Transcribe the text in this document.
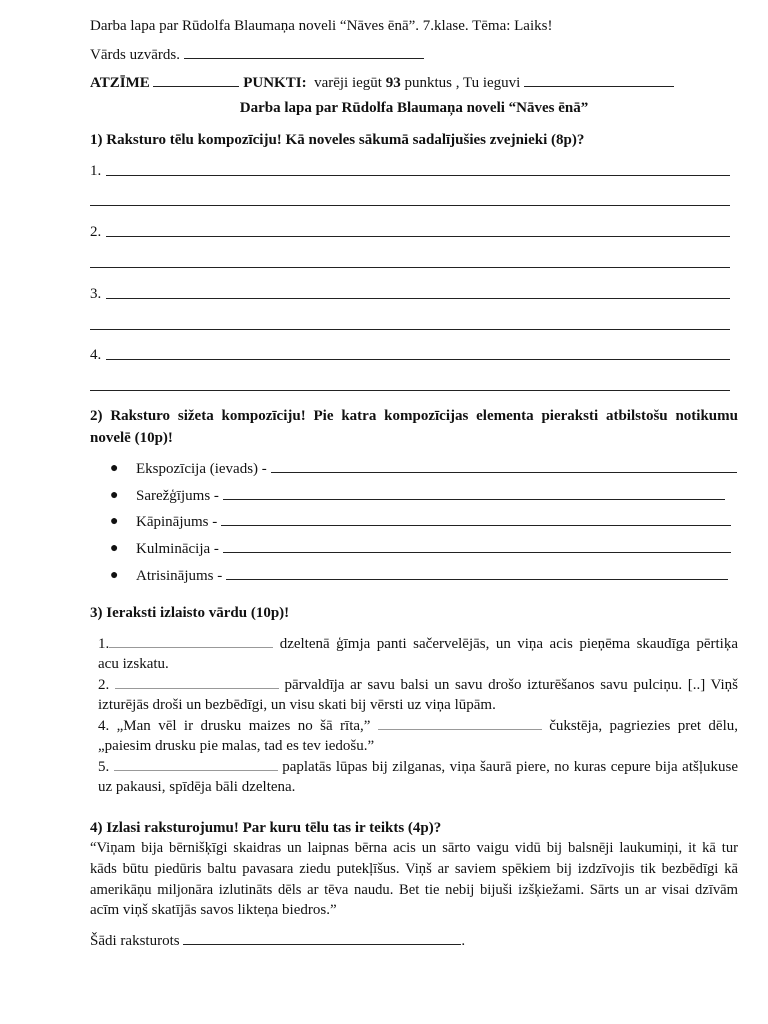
Darba lapa par Rūdolfa Blaumaņa noveli “Nāves ēnā”. 7.klase. Tēma: Laiks!
Vārds uzvārds.
ATZĪME	PUNKTI: varēji iegūt 93 punktus , Tu ieguvi
Darba lapa par Rūdolfa Blaumaņa noveli “Nāves ēnā”
1) Raksturo tēlu kompozīciju! Kā noveles sākumā sadalījušies zvejnieki (8p)?
1.
2.
3.
4.
2) Raksturo sižeta kompozīciju! Pie katra kompozīcijas elementa pieraksti atbilstošu notikumu
novelē (10p)!
● Ekspozīcija (ievads) -
● Sarežģījums -
● Kāpinājums -
● Kulminācija -
● Atrisinājums -
3) Ieraksti izlaisto vārdu (10p)!
1.	dzeltenā ģīmja panti sačervelējās, un viņa acis pieņēma skaudīga pērtiķa
acu izskatu.
2.	pārvaldīja ar savu balsi un savu drošo izturēšanos savu pulciņu. [..] Viņš
izturējās droši un bezbēdīgi, un visu skati bij vērsti uz viņa lūpām.
4. „Man vēl ir drusku maizes no šā rīta,”	čukstēja, pagriezies pret dēlu,
„paiesim drusku pie malas, tad es tev iedošu.”
5.	paplatās lūpas bij zilganas, viņa šaurā piere, no kuras cepure bija atšļukuse
uz pakausi, spīdēja bāli dzeltena.
4) Izlasi raksturojumu! Par kuru tēlu tas ir teikts (4p)?
“Viņam bija bērnišķīgi skaidras un laipnas bērna acis un sārto vaigu vidū bij balsnēji laukumiņi, it kā tur
kāds būtu piedūris baltu pavasara ziedu putekļīšus. Viņš ar saviem spēkiem bij izdzīvojis tik bezbēdīgi kā
amerikāņu miljonāra izlutināts dēls ar tēva naudu. Bet tie nebij bijuši izšķiežami. Sārts un ar visai dzīvām
acīm viņš skatījās savos likteņa biedros.”
Šādi raksturots	.
